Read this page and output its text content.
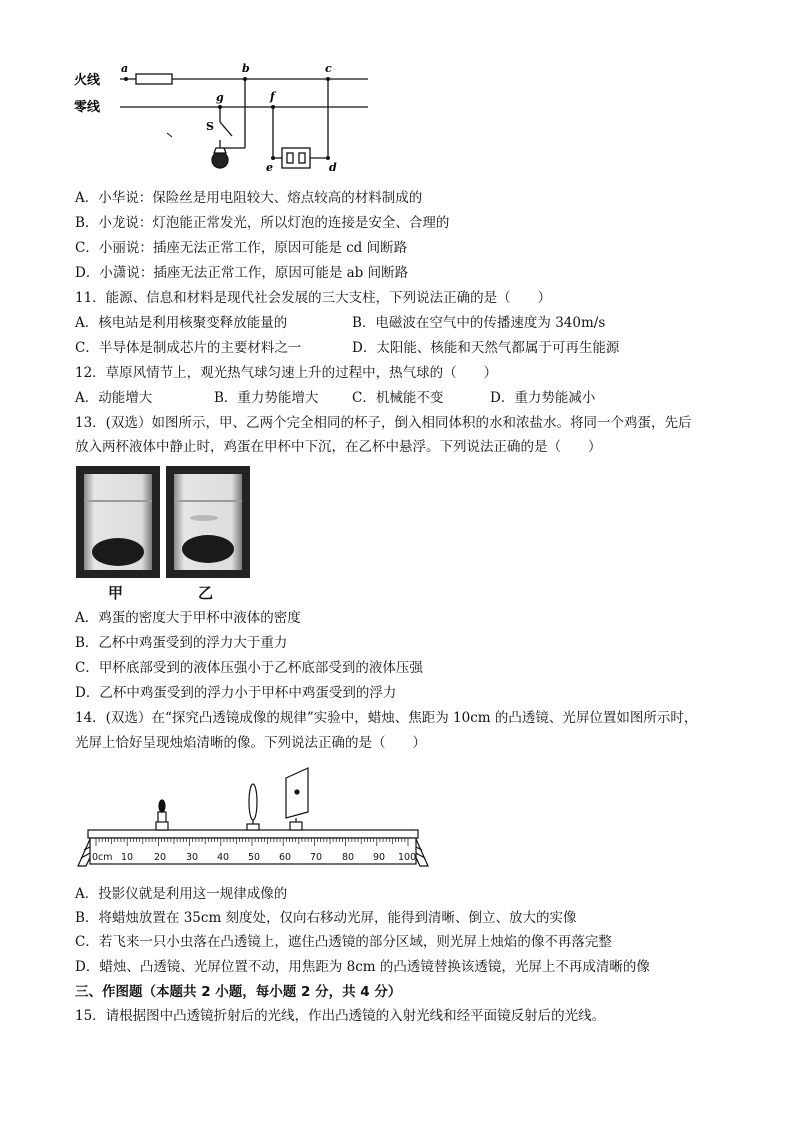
火线
零线
a	b	c
g	f
S
e	d
A．小华说：保险丝是用电阻较大、熔点较高的材料制成的
B．小龙说：灯泡能正常发光，所以灯泡的连接是安全、合理的
C．小丽说：插座无法正常工作，原因可能是 cd 间断路
D．小潇说：插座无法正常工作，原因可能是 ab 间断路
11．能源、信息和材料是现代社会发展的三大支柱，下列说法正确的是（　　）
A．核电站是利用核聚变释放能量的	B．电磁波在空气中的传播速度为 340m/s
C．半导体是制成芯片的主要材料之一	D．太阳能、核能和天然气都属于可再生能源
12．草原风情节上，观光热气球匀速上升的过程中，热气球的（　　）
A．动能增大	B．重力势能增大 C．机械能不变	D．重力势能减小
13．(双选）如图所示，甲、乙两个完全相同的杯子，倒入相同体积的水和浓盐水。将同一个鸡蛋，先后
放入两杯液体中静止时，鸡蛋在甲杯中下沉，在乙杯中悬浮。下列说法正确的是（　　）
甲	乙
A．鸡蛋的密度大于甲杯中液体的密度
B．乙杯中鸡蛋受到的浮力大于重力
C．甲杯底部受到的液体压强小于乙杯底部受到的液体压强
D．乙杯中鸡蛋受到的浮力小于甲杯中鸡蛋受到的浮力
14．(双选）在“探究凸透镜成像的规律”实验中，蜡烛、焦距为 10cm 的凸透镜、光屏位置如图所示时，
光屏上恰好呈现烛焰清晰的像。下列说法正确的是（　　）
0cm 10 20 30 40 50 60 70 80 90 100
A．投影仪就是利用这一规律成像的
B．将蜡烛放置在 35cm 刻度处，仅向右移动光屏，能得到清晰、倒立、放大的实像
C．若飞来一只小虫落在凸透镜上，遮住凸透镜的部分区域，则光屏上烛焰的像不再落完整
D．蜡烛、凸透镜、光屏位置不动，用焦距为 8cm 的凸透镜替换该透镜，光屏上不再成清晰的像
三、作图题（本题共 2 小题，每小题 2 分，共 4 分）
15．请根据图中凸透镜折射后的光线，作出凸透镜的入射光线和经平面镜反射后的光线。
